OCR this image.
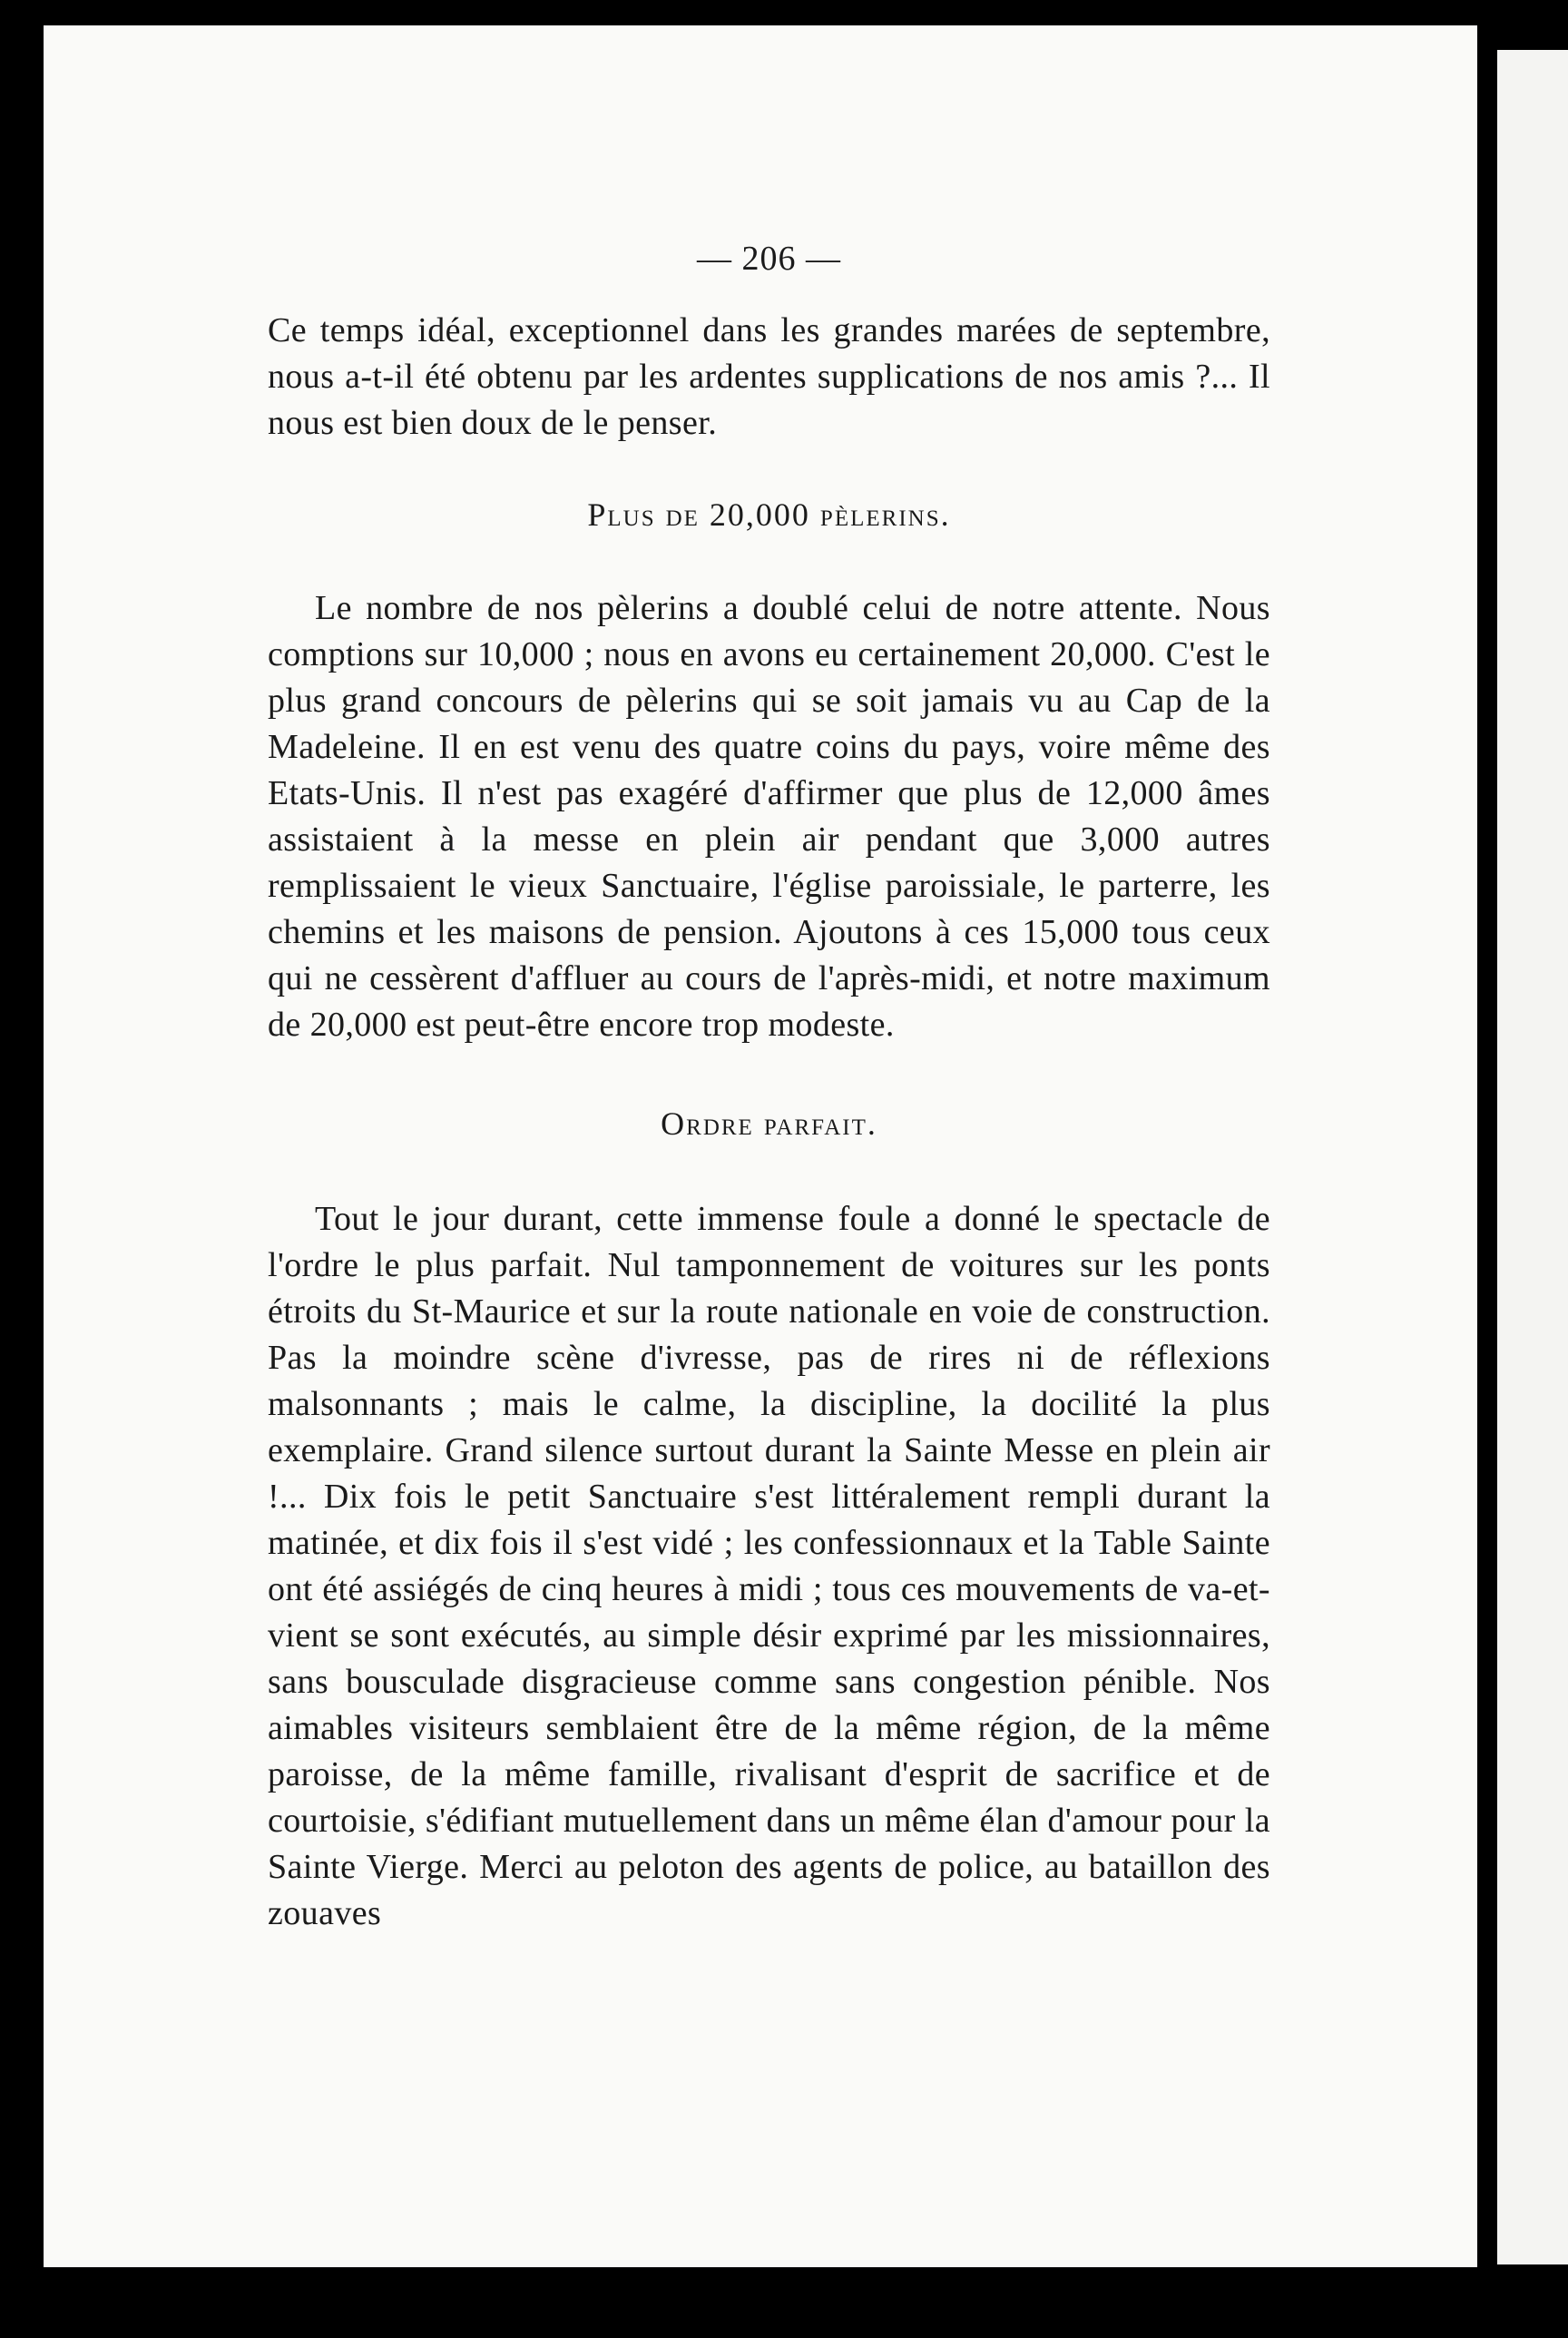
— 206 —

Ce temps idéal, exceptionnel dans les grandes marées de septembre, nous a-t-il été obtenu par les ardentes supplications de nos amis ?... Il nous est bien doux de le penser.

Plus de 20,000 pèlerins.

Le nombre de nos pèlerins a doublé celui de notre attente. Nous comptions sur 10,000 ; nous en avons eu certainement 20,000. C'est le plus grand concours de pèlerins qui se soit jamais vu au Cap de la Madeleine. Il en est venu des quatre coins du pays, voire même des Etats-Unis. Il n'est pas exagéré d'affirmer que plus de 12,000 âmes assistaient à la messe en plein air pendant que 3,000 autres remplissaient le vieux Sanctuaire, l'église paroissiale, le parterre, les chemins et les maisons de pension. Ajoutons à ces 15,000 tous ceux qui ne cessèrent d'affluer au cours de l'après-midi, et notre maximum de 20,000 est peut-être encore trop modeste.

Ordre parfait.

Tout le jour durant, cette immense foule a donné le spectacle de l'ordre le plus parfait. Nul tamponnement de voitures sur les ponts étroits du St-Maurice et sur la route nationale en voie de construction. Pas la moindre scène d'ivresse, pas de rires ni de réflexions malsonnants ; mais le calme, la discipline, la docilité la plus exemplaire. Grand silence surtout durant la Sainte Messe en plein air !... Dix fois le petit Sanctuaire s'est littéralement rempli durant la matinée, et dix fois il s'est vidé ; les confessionnaux et la Table Sainte ont été assiégés de cinq heures à midi ; tous ces mouvements de va-et-vient se sont exécutés, au simple désir exprimé par les missionnaires, sans bousculade disgracieuse comme sans congestion pénible. Nos aimables visiteurs semblaient être de la même région, de la même paroisse, de la même famille, rivalisant d'esprit de sacrifice et de courtoisie, s'édifiant mutuellement dans un même élan d'amour pour la Sainte Vierge. Merci au peloton des agents de police, au bataillon des zouaves
